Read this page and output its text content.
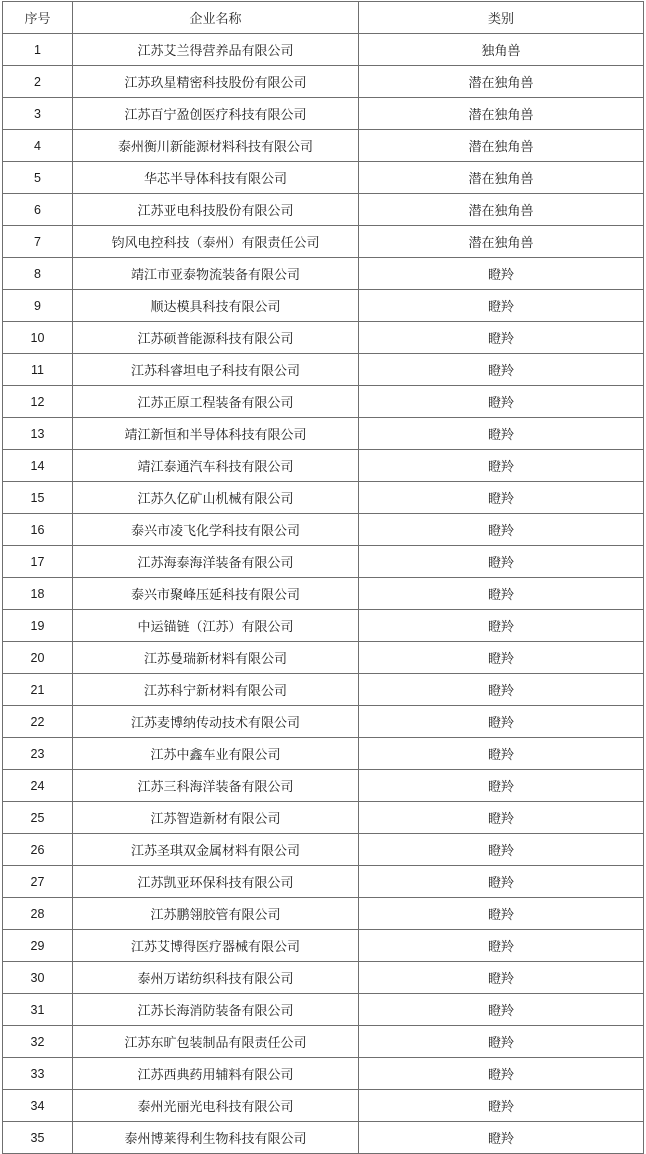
序号	企业名称	类别
1	江苏艾兰得营养品有限公司	独角兽
2	江苏玖星精密科技股份有限公司	潜在独角兽
3	江苏百宁盈创医疗科技有限公司	潜在独角兽
4	泰州衡川新能源材料科技有限公司	潜在独角兽
5	华芯半导体科技有限公司	潜在独角兽
6	江苏亚电科技股份有限公司	潜在独角兽
7	钧风电控科技（泰州）有限责任公司	潜在独角兽
8	靖江市亚泰物流装备有限公司	瞪羚
9	顺达模具科技有限公司	瞪羚
10	江苏硕普能源科技有限公司	瞪羚
11	江苏科睿坦电子科技有限公司	瞪羚
12	江苏正原工程装备有限公司	瞪羚
13	靖江新恒和半导体科技有限公司	瞪羚
14	靖江泰通汽车科技有限公司	瞪羚
15	江苏久亿矿山机械有限公司	瞪羚
16	泰兴市凌飞化学科技有限公司	瞪羚
17	江苏海泰海洋装备有限公司	瞪羚
18	泰兴市聚峰压延科技有限公司	瞪羚
19	中运锚链（江苏）有限公司	瞪羚
20	江苏曼瑞新材料有限公司	瞪羚
21	江苏科宁新材料有限公司	瞪羚
22	江苏麦博纳传动技术有限公司	瞪羚
23	江苏中鑫车业有限公司	瞪羚
24	江苏三科海洋装备有限公司	瞪羚
25	江苏智造新材有限公司	瞪羚
26	江苏圣琪双金属材料有限公司	瞪羚
27	江苏凯亚环保科技有限公司	瞪羚
28	江苏鹏翎胶管有限公司	瞪羚
29	江苏艾博得医疗器械有限公司	瞪羚
30	泰州万诺纺织科技有限公司	瞪羚
31	江苏长海消防装备有限公司	瞪羚
32	江苏东旷包装制品有限责任公司	瞪羚
33	江苏西典药用辅料有限公司	瞪羚
34	泰州光丽光电科技有限公司	瞪羚
35	泰州博莱得利生物科技有限公司	瞪羚
